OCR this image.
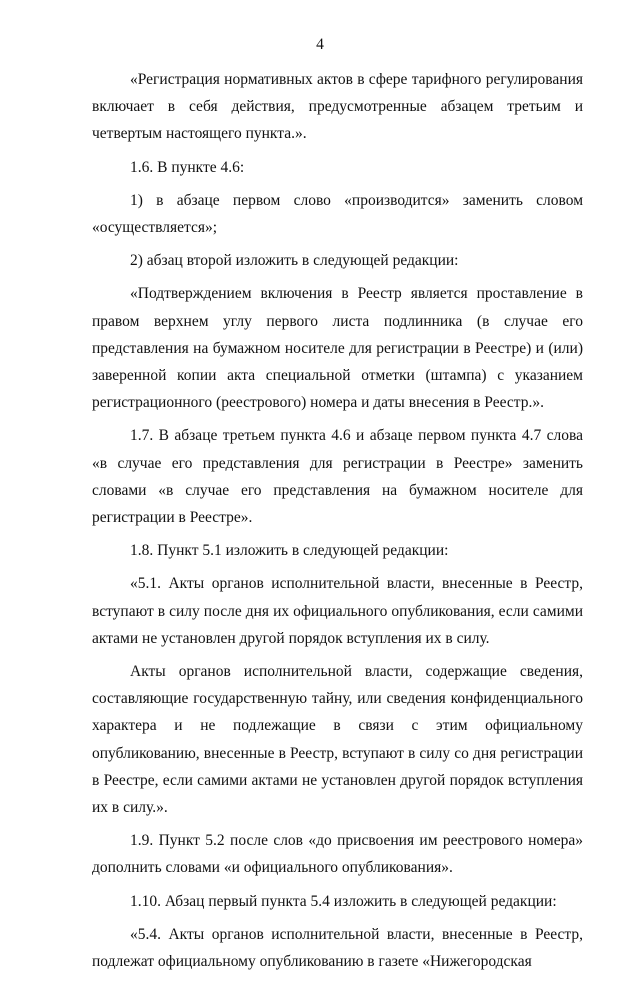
4

«Регистрация нормативных актов в сфере тарифного регулирования включает в себя действия, предусмотренные абзацем третьим и четвертым настоящего пункта.».

1.6. В пункте 4.6:

1) в абзаце первом слово «производится» заменить словом «осуществляется»;

2) абзац второй изложить в следующей редакции:

«Подтверждением включения в Реестр является проставление в правом верхнем углу первого листа подлинника (в случае его представления на бумажном носителе для регистрации в Реестре) и (или) заверенной копии акта специальной отметки (штампа) с указанием регистрационного (реестрового) номера и даты внесения в Реестр.».

1.7. В абзаце третьем пункта 4.6 и абзаце первом пункта 4.7 слова «в случае его представления для регистрации в Реестре» заменить словами «в случае его представления на бумажном носителе для регистрации в Реестре».

1.8. Пункт 5.1 изложить в следующей редакции:

«5.1. Акты органов исполнительной власти, внесенные в Реестр, вступают в силу после дня их официального опубликования, если самими актами не установлен другой порядок вступления их в силу.

Акты органов исполнительной власти, содержащие сведения, составляющие государственную тайну, или сведения конфиденциального характера и не подлежащие в связи с этим официальному опубликованию, внесенные в Реестр, вступают в силу со дня регистрации в Реестре, если самими актами не установлен другой порядок вступления их в силу.».

1.9. Пункт 5.2 после слов «до присвоения им реестрового номера» дополнить словами «и официального опубликования».

1.10. Абзац первый пункта 5.4 изложить в следующей редакции:

«5.4. Акты органов исполнительной власти, внесенные в Реестр, подлежат официальному опубликованию в газете «Нижегородская
